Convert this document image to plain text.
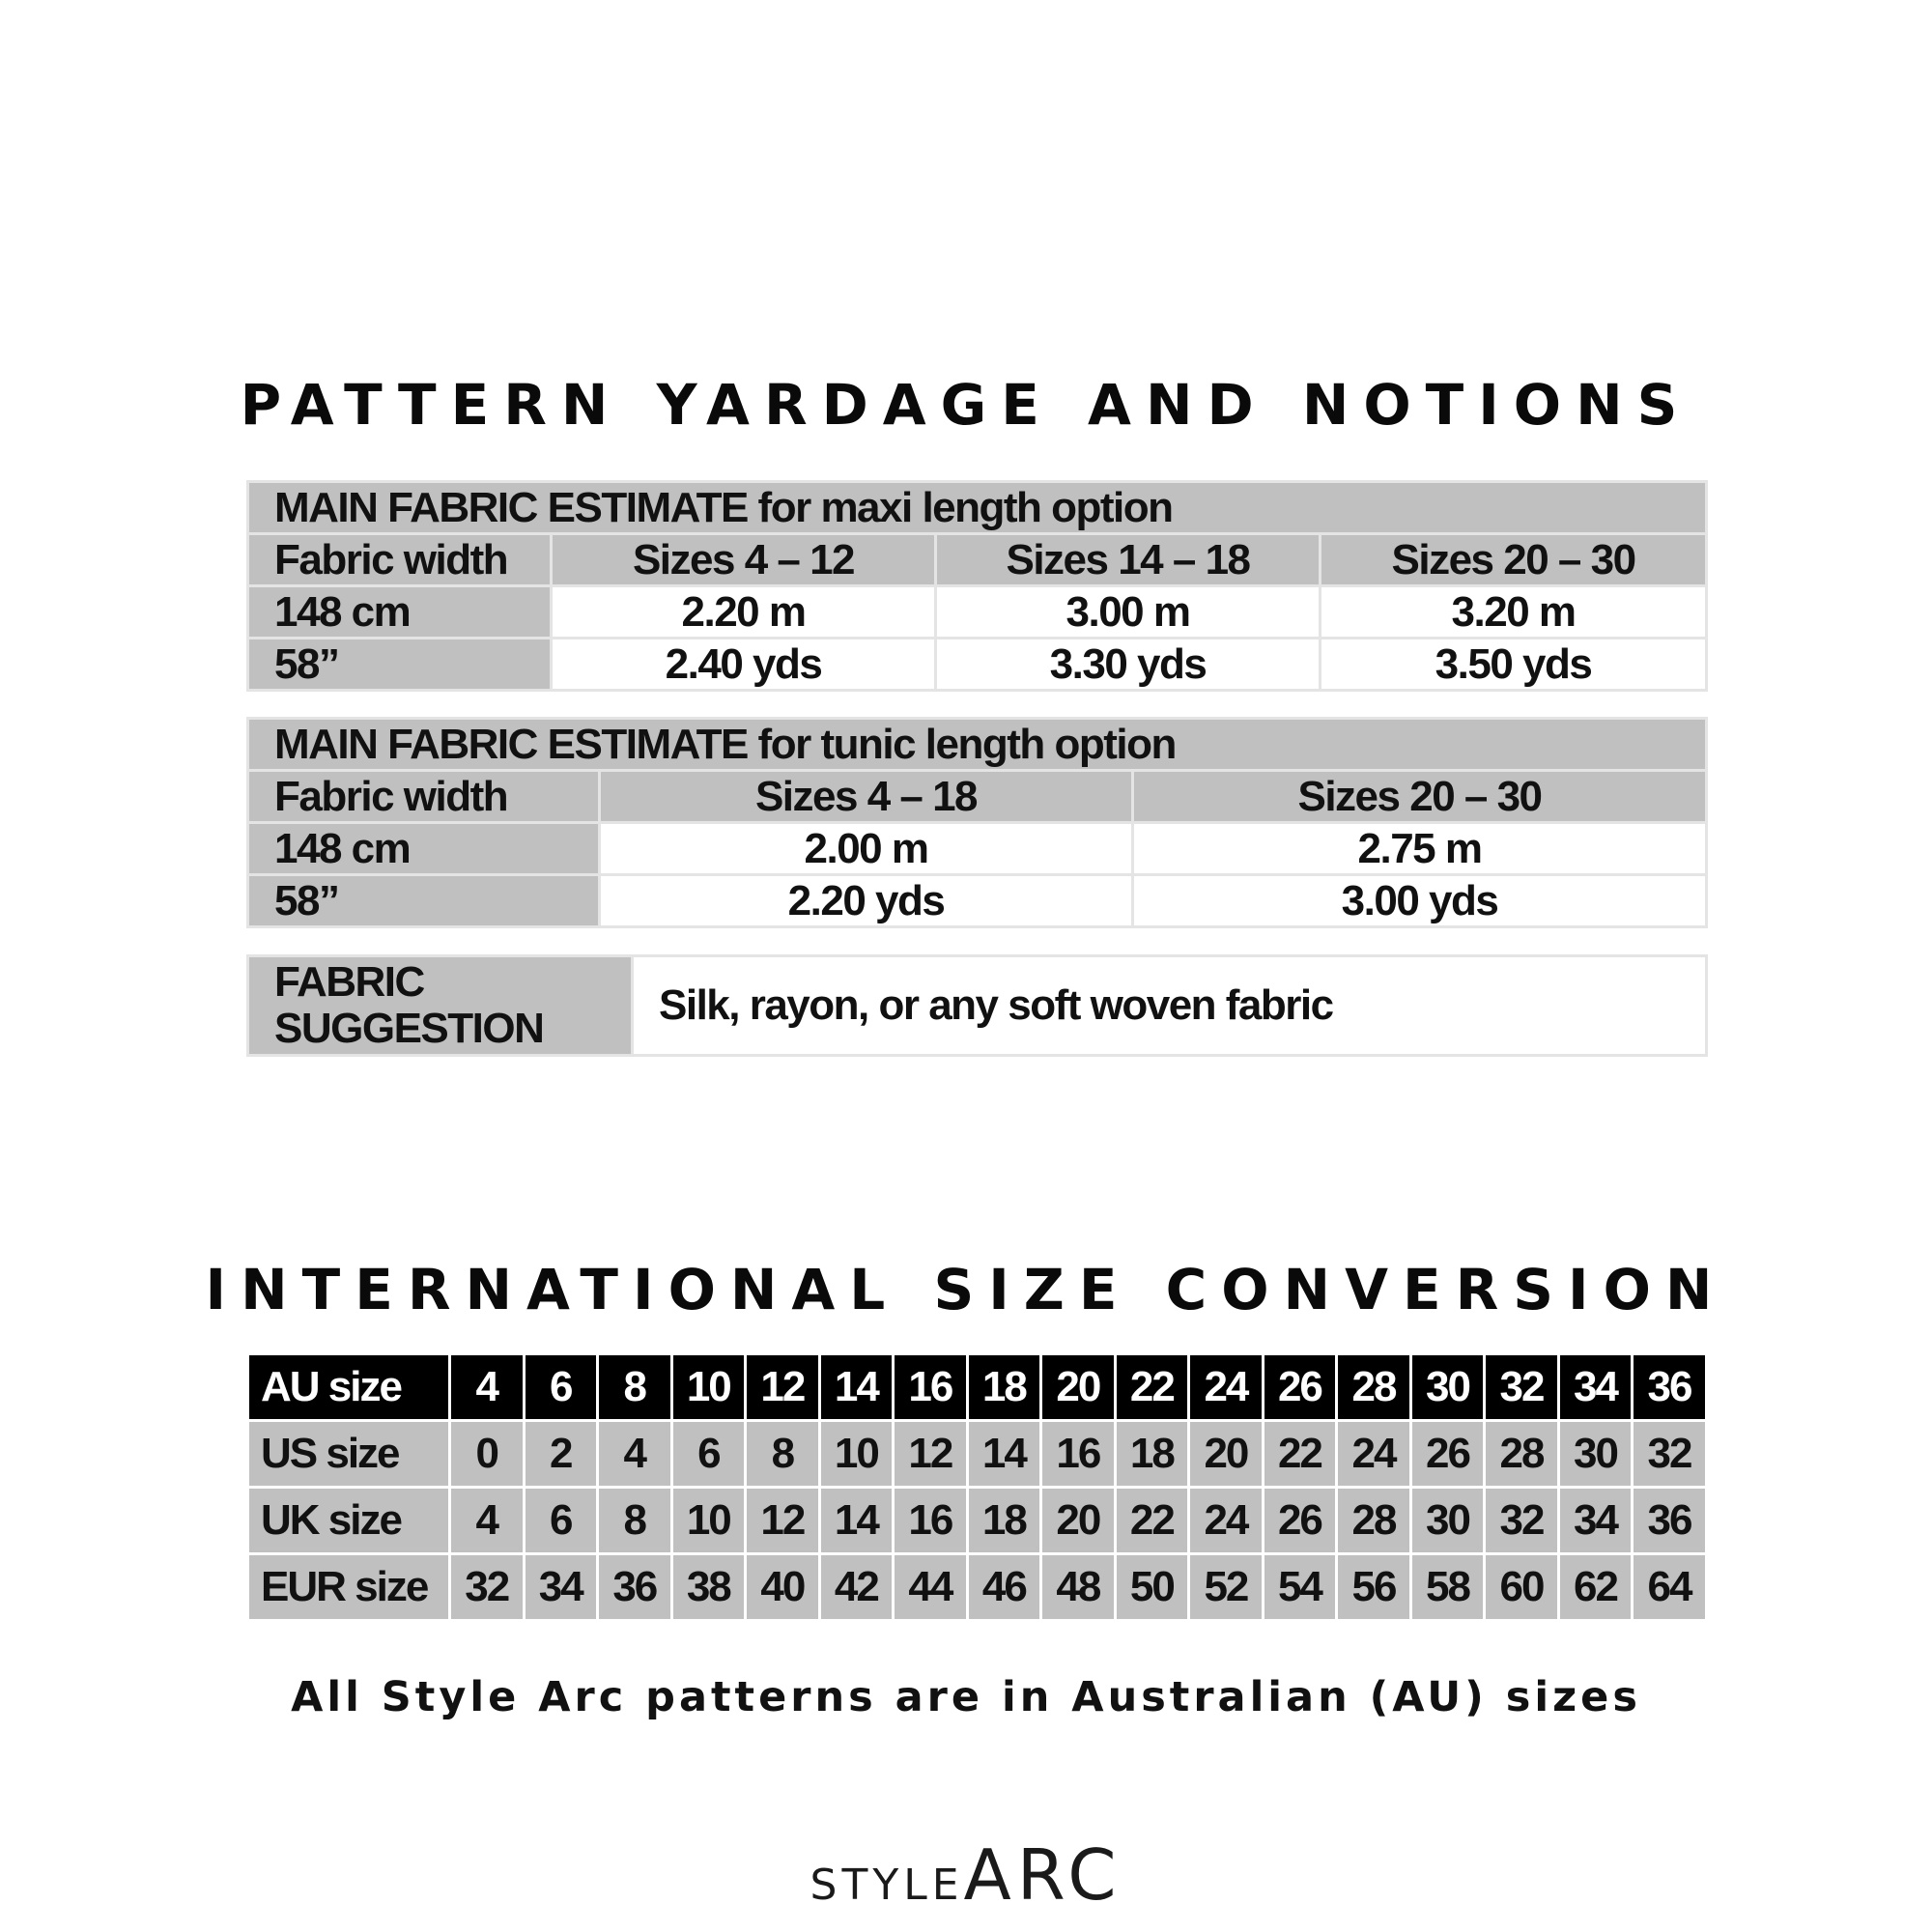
PATTERN YARDAGE AND NOTIONS
MAIN FABRIC ESTIMATE for maxi length option			
Fabric width	Sizes 4 – 12	Sizes 14 – 18	Sizes 20 – 30
148 cm	2.20 m	3.00 m	3.20 m
58”	2.40 yds	3.30 yds	3.50 yds
MAIN FABRIC ESTIMATE for tunic length option		
Fabric width	Sizes 4 – 18	Sizes 20 – 30
148 cm	2.00 m	2.75 m
58”	2.20 yds	3.00 yds
FABRIC
SUGGESTION	Silk, rayon, or any soft woven fabric
INTERNATIONAL SIZE CONVERSION
AU size	4	6	8	10	12	14	16	18	20	22	24	26	28	30	32	34	36
US size	0	2	4	6	8	10	12	14	16	18	20	22	24	26	28	30	32
UK size	4	6	8	10	12	14	16	18	20	22	24	26	28	30	32	34	36
EUR size	32	34	36	38	40	42	44	46	48	50	52	54	56	58	60	62	64
All Style Arc patterns are in Australian (AU) sizes
STYLEARC
